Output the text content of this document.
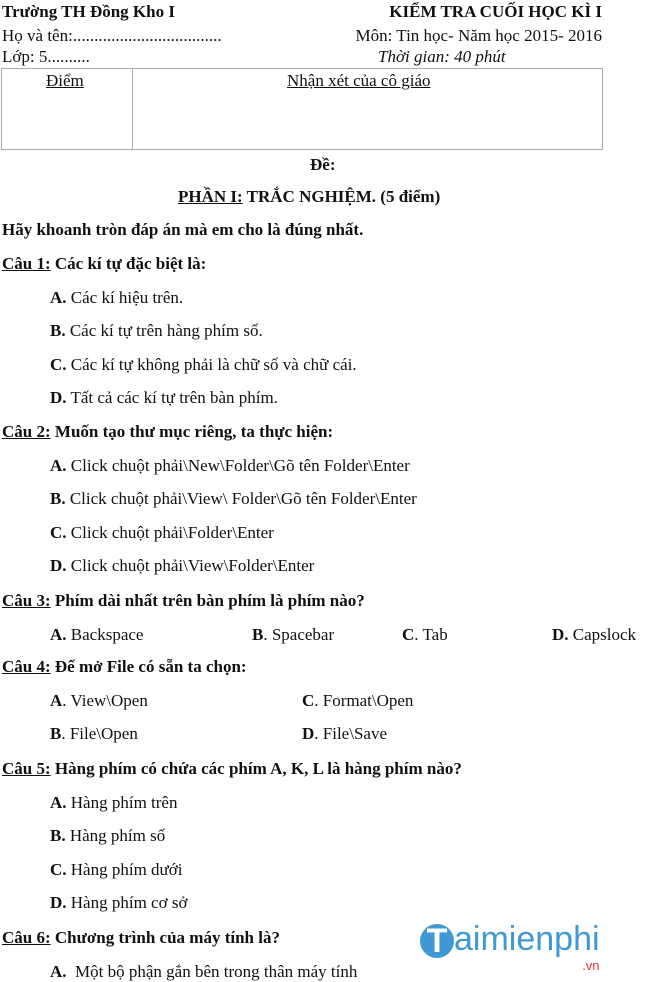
Trường TH Đồng Kho I
Họ và tên:...................................
Lớp: 5..........
KIỂM TRA CUỐI HỌC KÌ I
Môn: Tin học- Năm học 2015- 2016
Thời gian: 40 phút
Điểm	Nhận xét của cô giáo
Đề:
PHẦN I: TRẮC NGHIỆM. (5 điểm)
Hãy khoanh tròn đáp án mà em cho là đúng nhất.
T aimienphi
.vn
Câu 1: Các kí tự đặc biệt là:
A. Các kí hiệu trên.
B. Các kí tự trên hàng phím số.
C. Các kí tự không phải là chữ số và chữ cái.
D. Tất cả các kí tự trên bàn phím.
Câu 2: Muốn tạo thư mục riêng, ta thực hiện:
A. Click chuột phải\New\Folder\Gõ tên Folder\Enter
B. Click chuột phải\View\ Folder\Gõ tên Folder\Enter
C. Click chuột phải\Folder\Enter
D. Click chuột phải\View\Folder\Enter
Câu 3: Phím dài nhất trên bàn phím là phím nào?
A. Backspace	B. Spacebar	C. Tab	D. Capslock
Câu 4: Để mở File có sẵn ta chọn:
A. View\Open	C. Format\Open
B. File\Open	D. File\Save
Câu 5: Hàng phím có chứa các phím A, K, L là hàng phím nào?
A. Hàng phím trên
B. Hàng phím số
C. Hàng phím dưới
D. Hàng phím cơ sở
Câu 6: Chương trình của máy tính là?
A.  Một bộ phận gắn bên trong thân máy tính
